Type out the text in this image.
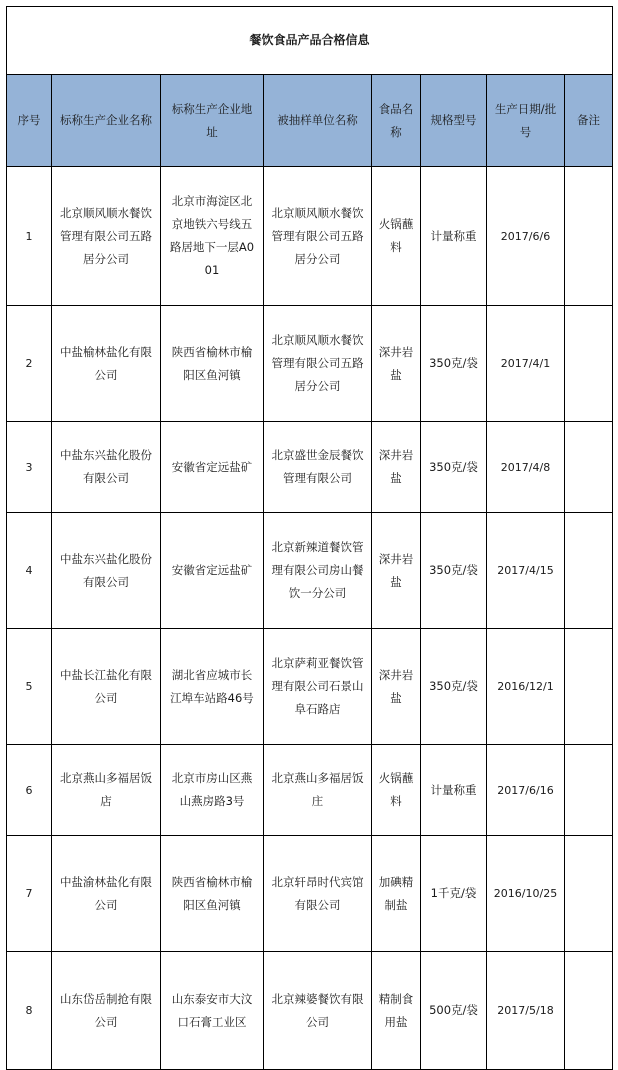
餐饮食品产品合格信息							
序号	标称生产企业名称	标称生产企业地址	被抽样单位名称	食品名称	规格型号	生产日期/批号	备注
1	北京顺风顺水餐饮管理有限公司五路居分公司	北京市海淀区北京地铁六号线五路居地下一层A001	北京顺风顺水餐饮管理有限公司五路居分公司	火锅蘸料	计量称重	2017/6/6	
2	中盐榆林盐化有限公司	陕西省榆林市榆阳区鱼河镇	北京顺风顺水餐饮管理有限公司五路居分公司	深井岩盐	350克/袋	2017/4/1	
3	中盐东兴盐化股份有限公司	安徽省定远盐矿	北京盛世金辰餐饮管理有限公司	深井岩盐	350克/袋	2017/4/8	
4	中盐东兴盐化股份有限公司	安徽省定远盐矿	北京新辣道餐饮管理有限公司房山餐饮一分公司	深井岩盐	350克/袋	2017/4/15	
5	中盐长江盐化有限公司	湖北省应城市长江埠车站路46号	北京萨莉亚餐饮管理有限公司石景山阜石路店	深井岩盐	350克/袋	2016/12/1	
6	北京燕山多福居饭店	北京市房山区燕山燕房路3号	北京燕山多福居饭庄	火锅蘸料	计量称重	2017/6/16	
7	中盐渝林盐化有限公司	陕西省榆林市榆阳区鱼河镇	北京轩昂时代宾馆有限公司	加碘精制盐	1千克/袋	2016/10/25	
8	山东岱岳制抢有限公司	山东泰安市大汶口石膏工业区	北京辣婆餐饮有限公司	精制食用盐	500克/袋	2017/5/18	
